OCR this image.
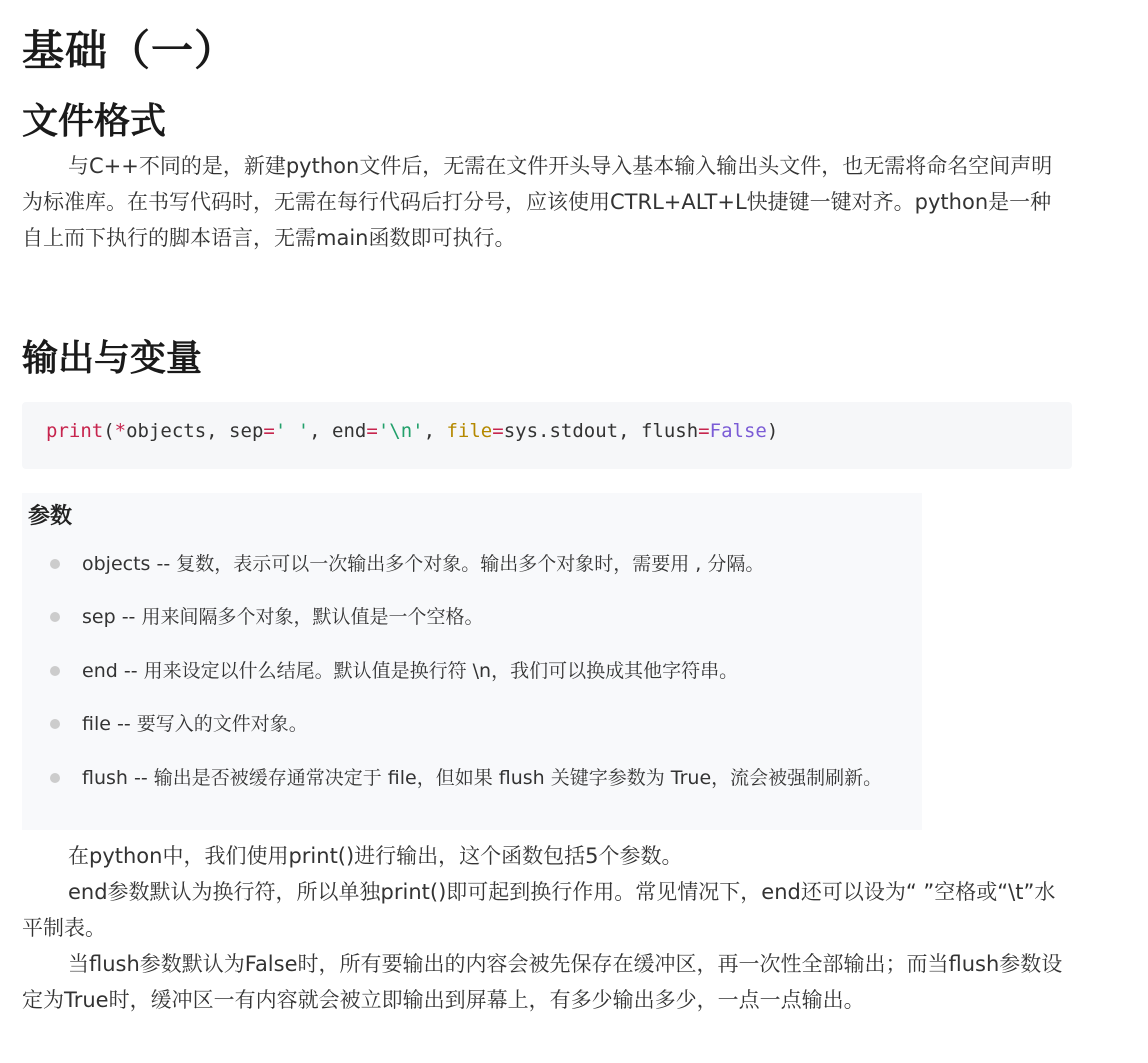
基础（一）
文件格式

与C++不同的是，新建python文件后，无需在文件开头导入基本输入输出头文件，也无需将命名空间声明为标准库。在书写代码时，无需在每行代码后打分号，应该使用CTRL+ALT+L快捷键一键对齐。python是一种自上而下执行的脚本语言，无需main函数即可执行。

输出与变量
print(*objects, sep=' ', end='\n', file=sys.stdout, flush=False)
参数
objects -- 复数，表示可以一次输出多个对象。输出多个对象时，需要用 , 分隔。
sep -- 用来间隔多个对象，默认值是一个空格。
end -- 用来设定以什么结尾。默认值是换行符 \n，我们可以换成其他字符串。
file -- 要写入的文件对象。
flush -- 输出是否被缓存通常决定于 file，但如果 flush 关键字参数为 True，流会被强制刷新。

在python中，我们使用print()进行输出，这个函数包括5个参数。

end参数默认为换行符，所以单独print()即可起到换行作用。常见情况下，end还可以设为“ ”空格或“\t”水平制表。

当flush参数默认为False时，所有要输出的内容会被先保存在缓冲区，再一次性全部输出；而当flush参数设定为True时，缓冲区一有内容就会被立即输出到屏幕上，有多少输出多少，一点一点输出。
